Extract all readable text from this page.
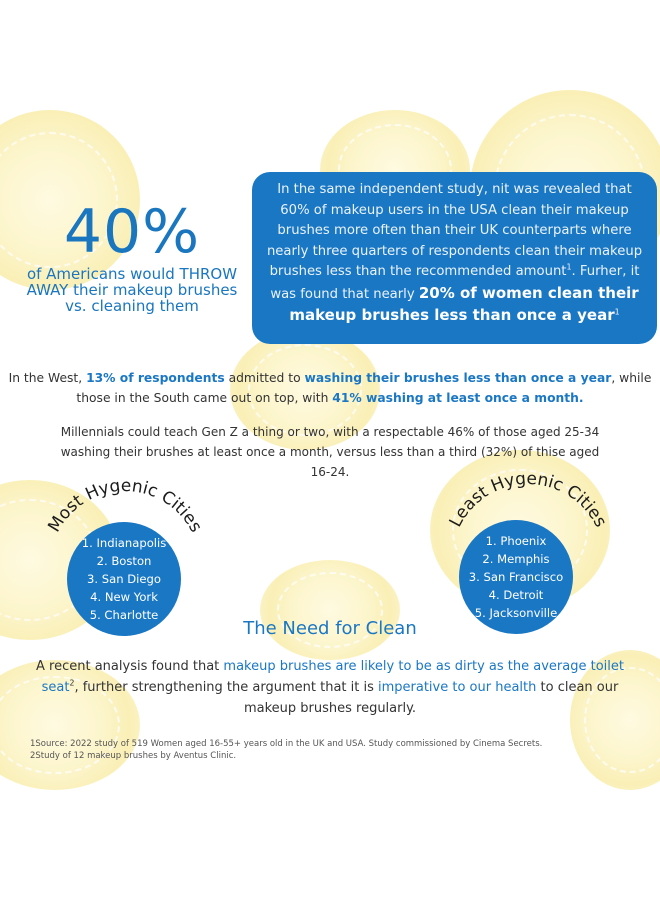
40%
of Americans would THROW
AWAY their makeup brushes
vs. cleaning them
In the same independent study, nit was revealed that 60% of makeup users in the USA clean their makeup brushes more often than their UK counterparts where nearly three quarters of respondents clean their makeup brushes less than the recommended amount$^1$. Furher, it was found that nearly 20% of women clean their makeup brushes less than once a year$^1$
In the West, 13% of respondents admitted to washing their brushes less than once a year, while those in the South came out on top, with 41% washing at least once a month.
Millennials could teach Gen Z a thing or two, with a respectable 46% of those aged 25-34 washing their brushes at least once a month, versus less than a third (32%) of thise aged 16-24.
Most Hygenic Cities
1. Indianapolis
2. Boston
3. San Diego
4. New York
5. Charlotte
Least Hygenic Cities
1. Phoenix
2. Memphis
3. San Francisco
4. Detroit
5. Jacksonville
The Need for Clean
A recent analysis found that makeup brushes are likely to be as dirty as the average toilet seat$^2$, further strengthening the argument that it is imperative to our health to clean our makeup brushes regularly.
1Source: 2022 study of 519 Women aged 16-55+ years old in the UK and USA. Study commissioned by Cinema Secrets.
2Study of 12 makeup brushes by Aventus Clinic.
